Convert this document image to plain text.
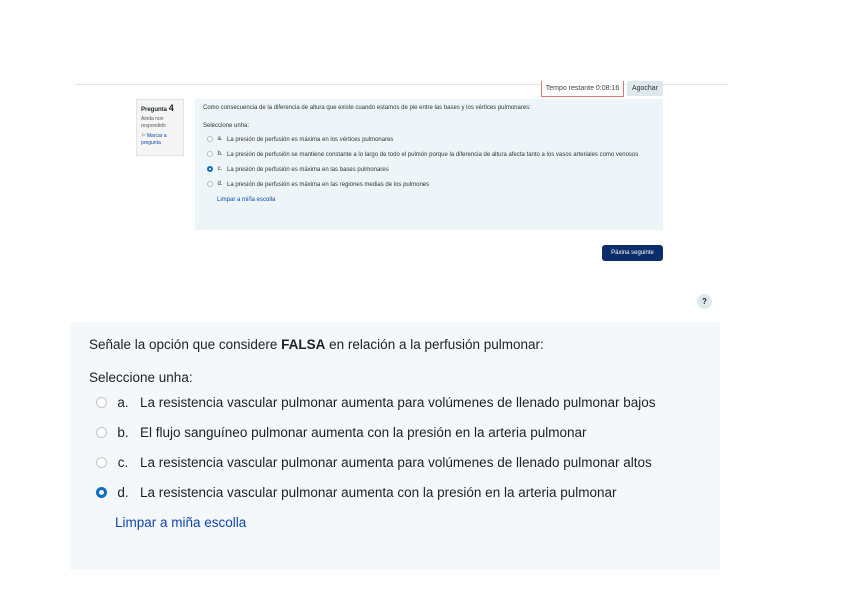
Tempo restante 0:08:16	Agochar
Pregunta 4
Ainda non respondido
⚐ Marcar a pregunta
Como consecuencia de la diferencia de altura que existe cuando estamos de pie entre las bases y los vértices pulmonares:
Seleccione unha:
a. La presión de perfusión es máxima en los vértices pulmonares
b. La presión de perfusión se mantiene constante a lo largo de todo el pulmón porque la diferencia de altura afecta tanto a los vasos arteriales como venosos
c. La presión de perfusión es máxima en las bases pulmonares
d. La presión de perfusión es máxima en las regiones medias de los pulmones
Limpar a miña escolla
Páxina seguinte
?
Señale la opción que considere FALSA en relación a la perfusión pulmonar:
Seleccione unha:
a. La resistencia vascular pulmonar aumenta para volúmenes de llenado pulmonar bajos
b. El flujo sanguíneo pulmonar aumenta con la presión en la arteria pulmonar
c. La resistencia vascular pulmonar aumenta para volúmenes de llenado pulmonar altos
d. La resistencia vascular pulmonar aumenta con la presión en la arteria pulmonar
Limpar a miña escolla
